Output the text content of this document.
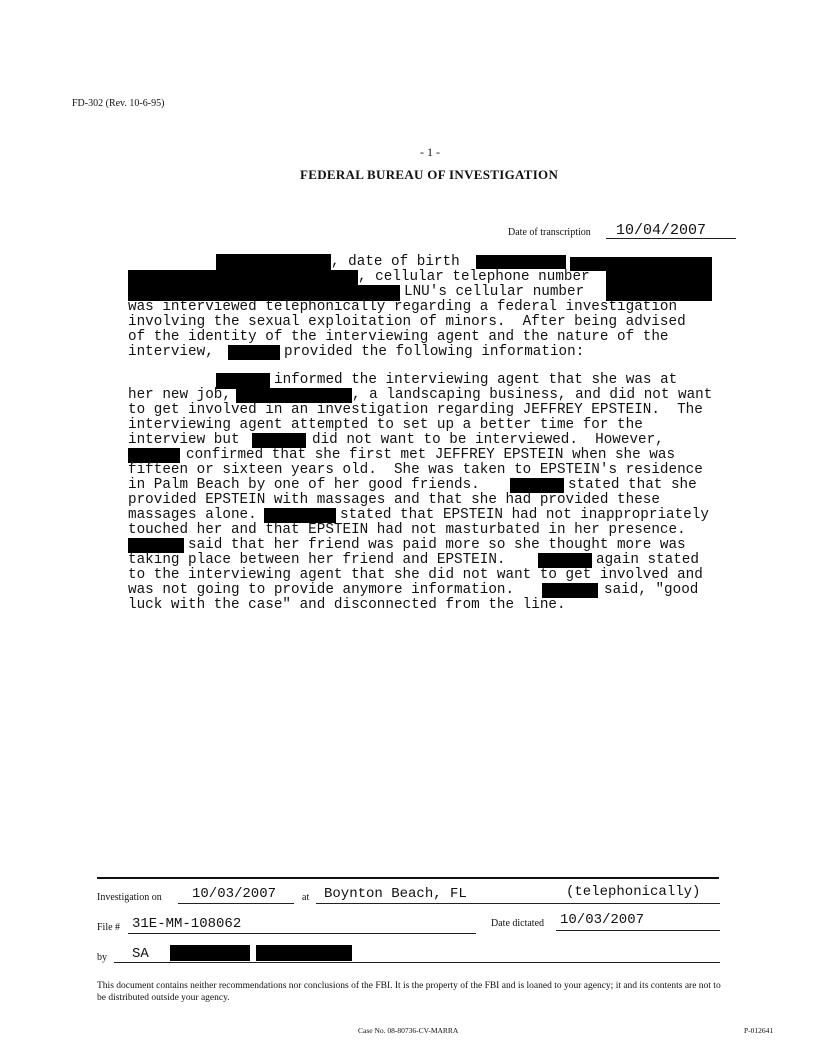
FD-302 (Rev. 10-6-95)
- 1 -
FEDERAL BUREAU OF INVESTIGATION
Date of transcription 10/04/2007
, date of birth
, cellular telephone number
LNU's cellular number
was interviewed telephonically regarding a federal investigation
involving the sexual exploitation of minors.  After being advised
of the identity of the interviewing agent and the nature of the
interview,	provided the following information:
informed the interviewing agent that she was at
her new job,	, a landscaping business, and did not want
to get involved in an investigation regarding JEFFREY EPSTEIN.  The
interviewing agent attempted to set up a better time for the
interview but	did not want to be interviewed.  However,
confirmed that she first met JEFFREY EPSTEIN when she was
fifteen or sixteen years old.  She was taken to EPSTEIN's residence
in Palm Beach by one of her good friends.	stated that she
provided EPSTEIN with massages and that she had provided these
massages alone.	stated that EPSTEIN had not inappropriately
touched her and that EPSTEIN had not masturbated in her presence.
said that her friend was paid more so she thought more was
taking place between her friend and EPSTEIN.	again stated
to the interviewing agent that she did not want to get involved and
was not going to provide anymore information.	said, "good
luck with the case" and disconnected from the line.
Investigation on 10/03/2007	at Boynton Beach, FL	(telephonically)
File # 31E-MM-108062	Date dictated 10/03/2007
by SA
This document contains neither recommendations nor conclusions of the FBI. It is the property of the FBI and is loaned to your agency; it and its contents are not to be distributed outside your agency.
Case No. 08-80736-CV-MARRA	P-012641
